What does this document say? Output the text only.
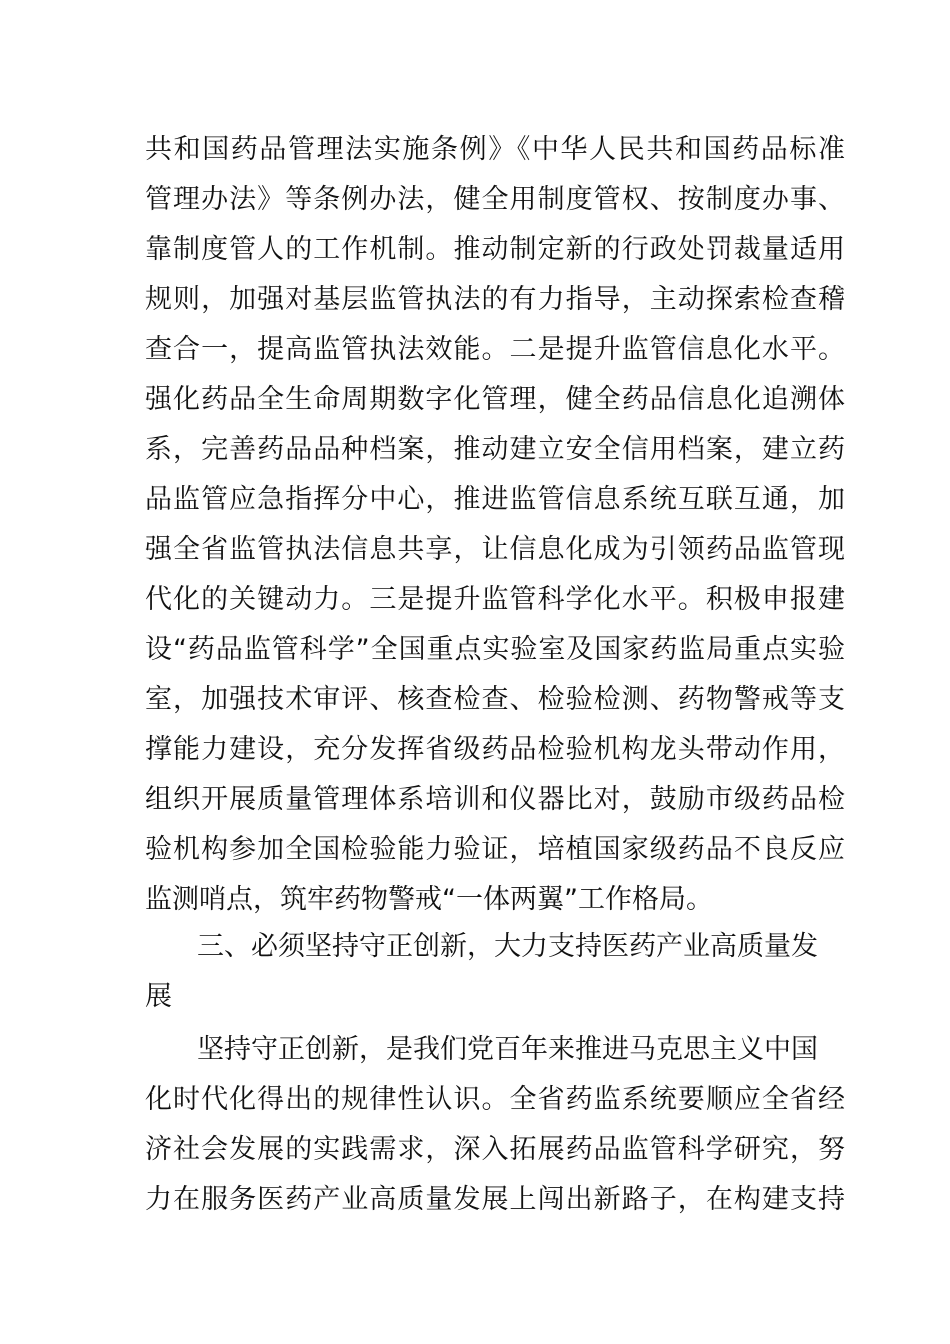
共和国药品管理法实施条例》《中华人民共和国药品标准
管理办法》等条例办法，健全用制度管权、按制度办事、
靠制度管人的工作机制。推动制定新的行政处罚裁量适用
规则，加强对基层监管执法的有力指导，主动探索检查稽
查合一，提高监管执法效能。二是提升监管信息化水平。
强化药品全生命周期数字化管理，健全药品信息化追溯体
系，完善药品品种档案，推动建立安全信用档案，建立药
品监管应急指挥分中心，推进监管信息系统互联互通，加
强全省监管执法信息共享，让信息化成为引领药品监管现
代化的关键动力。三是提升监管科学化水平。积极申报建
设“药品监管科学”全国重点实验室及国家药监局重点实验
室，加强技术审评、核查检查、检验检测、药物警戒等支
撑能力建设，充分发挥省级药品检验机构龙头带动作用，
组织开展质量管理体系培训和仪器比对，鼓励市级药品检
验机构参加全国检验能力验证，培植国家级药品不良反应
监测哨点，筑牢药物警戒“一体两翼”工作格局。
三、必须坚持守正创新，大力支持医药产业高质量发
展
坚持守正创新，是我们党百年来推进马克思主义中国
化时代化得出的规律性认识。全省药监系统要顺应全省经
济社会发展的实践需求，深入拓展药品监管科学研究，努
力在服务医药产业高质量发展上闯出新路子，在构建支持
